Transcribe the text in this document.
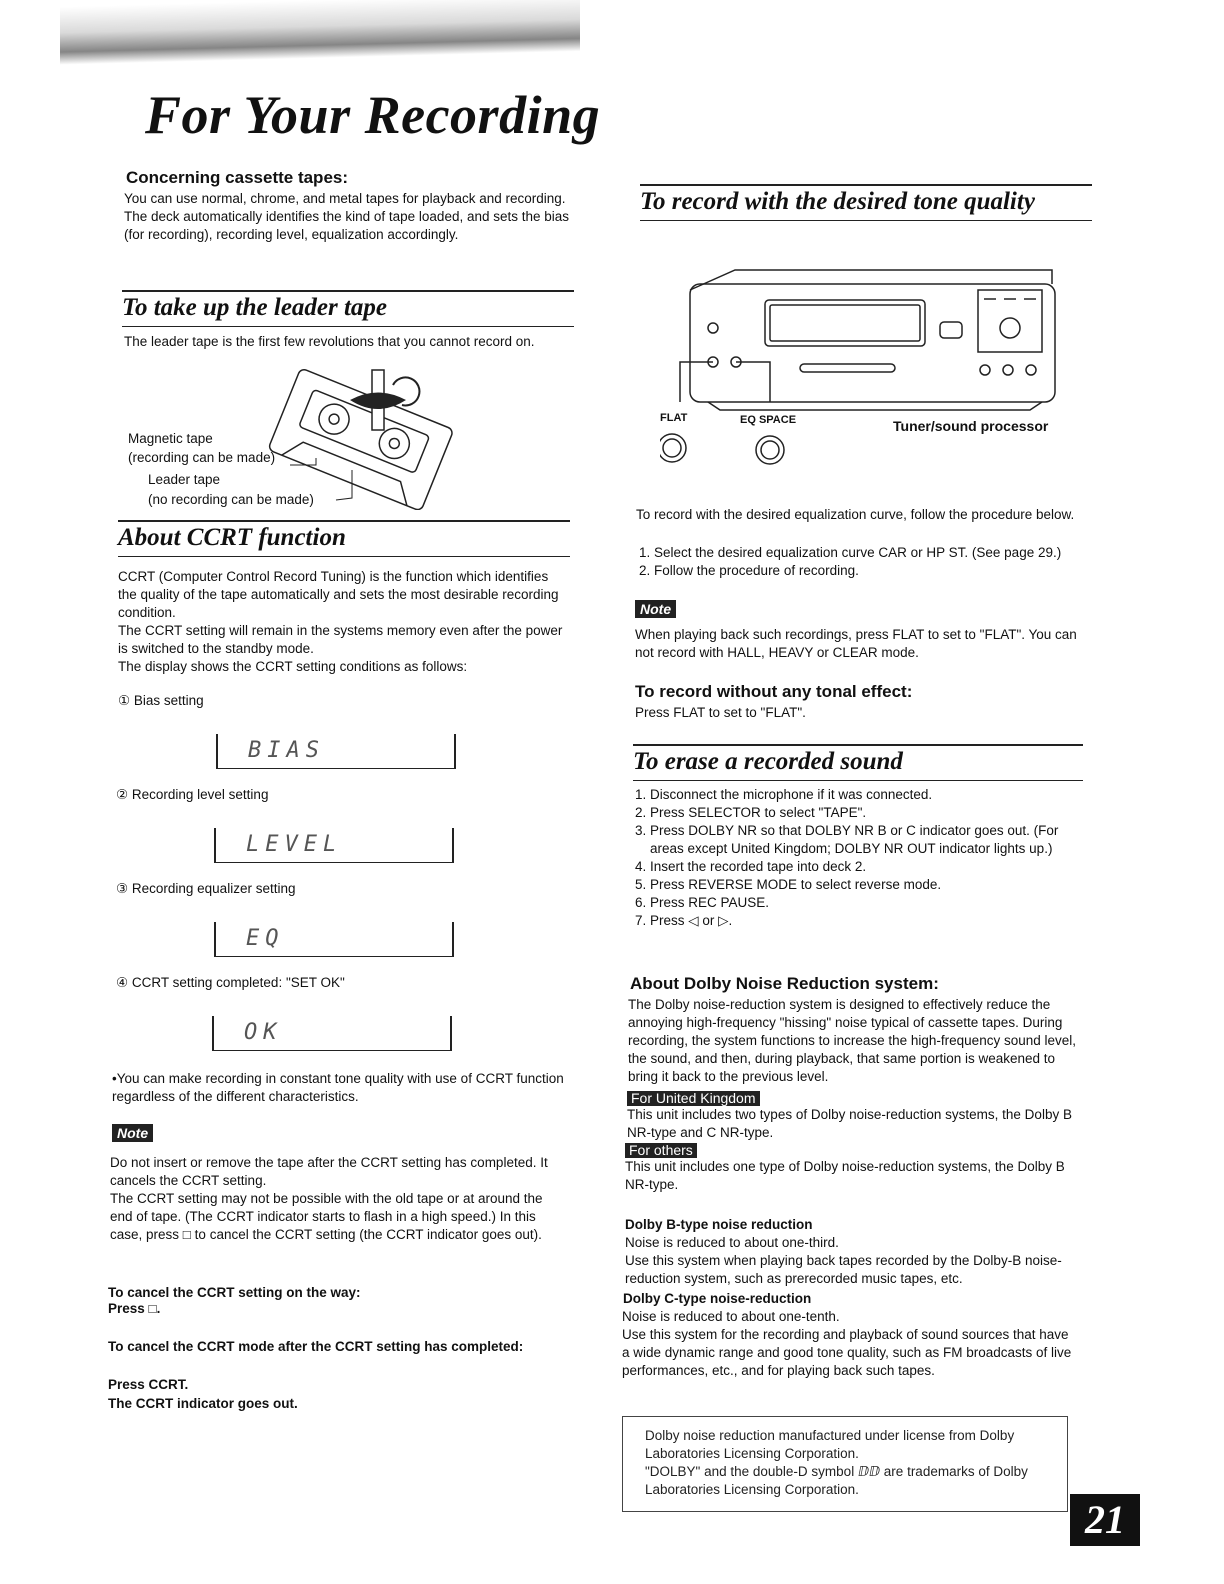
For Your Recording
Concerning cassette tapes:
You can use normal, chrome, and metal tapes for playback and recording. The deck automatically identifies the kind of tape loaded, and sets the bias (for recording), recording level, equalization accordingly.
To take up the leader tape
The leader tape is the first few revolutions that you cannot record on.
Magnetic tape
(recording can be made)
Leader tape
(no recording can be made)
About CCRT function

CCRT (Computer Control Record Tuning) is the function which identifies the quality of the tape automatically and sets the most desirable recording condition.

The CCRT setting will remain in the systems memory even after the power is switched to the standby mode.

The display shows the CCRT setting conditions as follows:

① Bias setting
BIAS
② Recording level setting
LEVEL
③ Recording equalizer setting
EQ
④ CCRT setting completed: "SET OK"
OK
•You can make recording in constant tone quality with use of CCRT function regardless of the different characteristics.
Note

Do not insert or remove the tape after the CCRT setting has completed. It cancels the CCRT setting.

The CCRT setting may not be possible with the old tape or at around the end of tape. (The CCRT indicator starts to flash in a high speed.) In this case, press □ to cancel the CCRT setting (the CCRT indicator goes out).

To cancel the CCRT setting on the way:
Press □.
To cancel the CCRT mode after the CCRT setting has completed:
Press CCRT.
The CCRT indicator goes out.
To record with the desired tone quality
FLAT	EQ SPACE	Tuner/sound processor
To record with the desired equalization curve, follow the procedure below.
1. Select the desired equalization curve CAR or HP ST. (See page 29.)
2. Follow the procedure of recording.
Note
When playing back such recordings, press FLAT to set to "FLAT". You can not record with HALL, HEAVY or CLEAR mode.
To record without any tonal effect:
Press FLAT to set to "FLAT".
To erase a recorded sound
1. Disconnect the microphone if it was connected.
2. Press SELECTOR to select "TAPE".
3. Press DOLBY NR so that DOLBY NR B or C indicator goes out. (For areas except United Kingdom; DOLBY NR OUT indicator lights up.)
4. Insert the recorded tape into deck 2.
5. Press REVERSE MODE to select reverse mode.
6. Press REC PAUSE.
7. Press ◁ or ▷.
About Dolby Noise Reduction system:
The Dolby noise-reduction system is designed to effectively reduce the annoying high-frequency "hissing" noise typical of cassette tapes. During recording, the system functions to increase the high-frequency sound level, the sound, and then, during playback, that same portion is weakened to bring it back to the previous level.
For United Kingdom
This unit includes two types of Dolby noise-reduction systems, the Dolby B NR-type and C NR-type.
For others
This unit includes one type of Dolby noise-reduction systems, the Dolby B NR-type.
Dolby B-type noise reduction

Noise is reduced to about one-third.

Use this system when playing back tapes recorded by the Dolby-B noise-reduction system, such as prerecorded music tapes, etc.

Dolby C-type noise-reduction

Noise is reduced to about one-tenth.

Use this system for the recording and playback of sound sources that have a wide dynamic range and good tone quality, such as FM broadcasts of live performances, etc., and for playing back such tapes.

Dolby noise reduction manufactured under license from Dolby Laboratories Licensing Corporation.

"DOLBY" and the double-D symbol ⅅⅅ are trademarks of Dolby Laboratories Licensing Corporation.

21
